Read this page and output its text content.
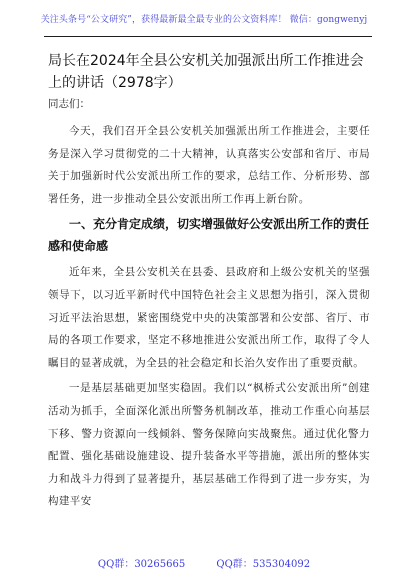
关注头条号“公文研究”，获得最新最全最专业的公文资料库！ 微信：gongwenyj
局长在2024年全县公安机关加强派出所工作推进会上的讲话（2978字）
同志们：

今天，我们召开全县公安机关加强派出所工作推进会，主要任务是深入学习贯彻党的二十大精神，认真落实公安部和省厅、市局关于加强新时代公安派出所工作的要求，总结工作、分析形势、部署任务，进一步推动全县公安派出所工作再上新台阶。

一、充分肯定成绩，切实增强做好公安派出所工作的责任感和使命感

近年来，全县公安机关在县委、县政府和上级公安机关的坚强领导下，以习近平新时代中国特色社会主义思想为指引，深入贯彻习近平法治思想，紧密围绕党中央的决策部署和公安部、省厅、市局的各项工作要求，坚定不移地推进公安派出所工作，取得了令人瞩目的显著成就，为全县的社会稳定和长治久安作出了重要贡献。

一是基层基础更加坚实稳固。我们以“枫桥式公安派出所”创建活动为抓手，全面深化派出所警务机制改革，推动工作重心向基层下移、警力资源向一线倾斜、警务保障向实战聚焦。通过优化警力配置、强化基础设施建设、提升装备水平等措施，派出所的整体实力和战斗力得到了显著提升，基层基础工作得到了进一步夯实，为构建平安

QQ群：30265665	QQ群：535304092
